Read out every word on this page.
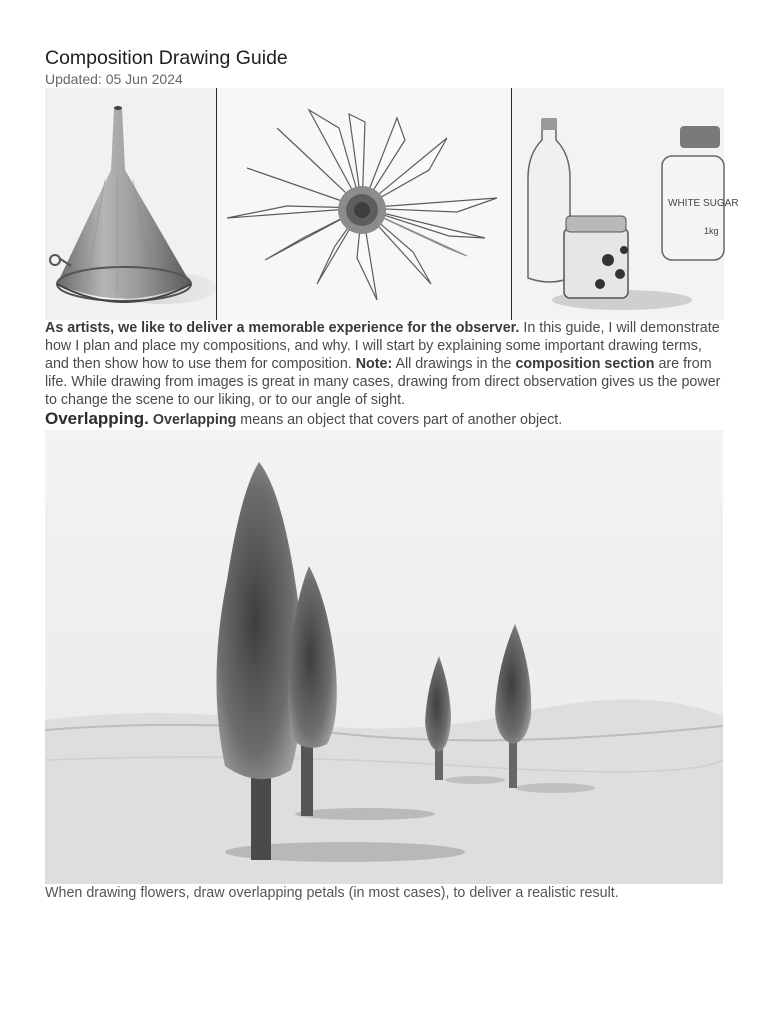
Composition Drawing Guide
Updated: 05 Jun 2024
WHITE SUGAR
1kg

As artists, we like to deliver a memorable experience for the observer. In this guide, I will demonstrate how I plan and place my compositions, and why. I will start by explaining some important drawing terms, and then show how to use them for composition. Note: All drawings in the composition section are from life. While drawing from images is great in many cases, drawing from direct observation gives us the power to change the scene to our liking, or to our angle of sight.

Overlapping. Overlapping means an object that covers part of another object.
When drawing flowers, draw overlapping petals (in most cases), to deliver a realistic result.
